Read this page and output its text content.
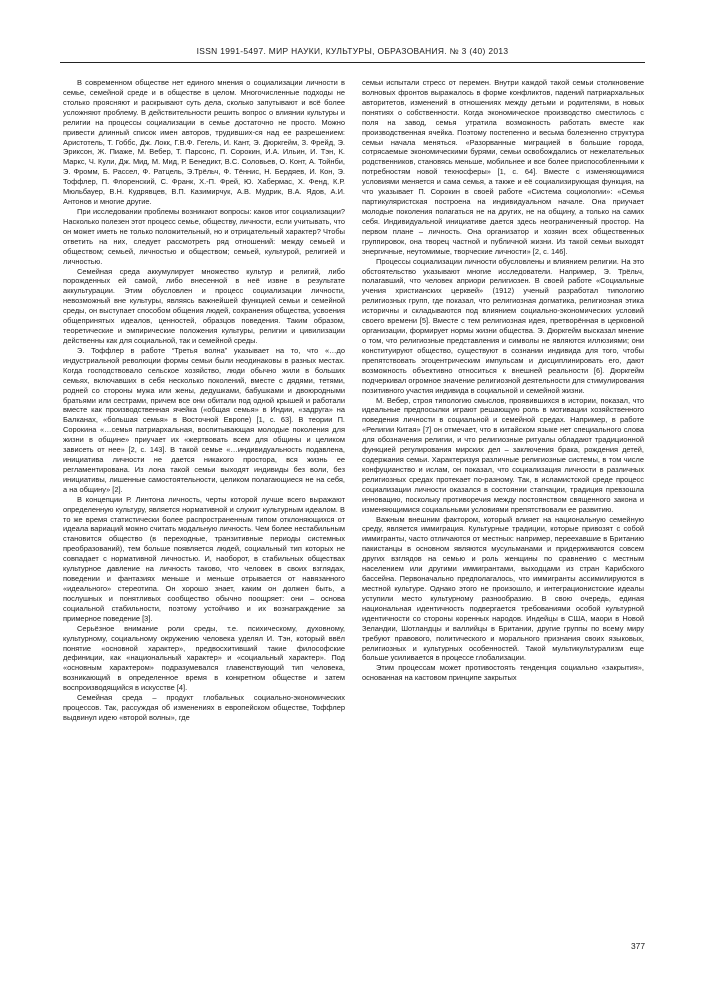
ISSN 1991-5497. МИР НАУКИ, КУЛЬТУРЫ, ОБРАЗОВАНИЯ. № 3 (40) 2013

В современном обществе нет единого мнения о социализации личности в семье, семейной среде и в обществе в целом. Многочисленные подходы не столько проясняют и раскрывают суть дела, сколько запутывают и всё более усложняют проблему. В действительности решить вопрос о влиянии культуры и религии на процессы социализации в семье достаточно не просто. Можно привести длинный список имен авторов, трудивших-ся над ее разрешением: Аристотель, Т. Гоббс, Дж. Локк, Г.В.Ф. Гегель, И. Кант, Э. Дюркгейм, З. Фрейд, Э. Эриксон, Ж. Пиаже, М. Вебер, Т. Парсонс, П. Сорокин, И.А. Ильин, И. Тэн, К. Маркс, Ч. Кули, Дж. Мид, М. Мид, Р. Бенедикт, В.С. Соловьев, О. Конт, А. Тойнби, Э. Фромм, Б. Рассел, Ф. Ратцель, Э.Трёльч, Ф. Тённис, Н. Бердяев, И. Кон, Э. Тоффлер, П. Флоренский, С. Франк, Х.-П. Фрей, Ю. Хабермас, Х. Фенд, К.Р. Мюльбауер, В.Н. Кудрявцев, В.П. Казимирчук, А.В. Мудрик, В.А. Ядов, А.И. Антонов и многие другие.

При исследовании проблемы возникают вопросы: каков итог социализации? Насколько полезен этот процесс семье, обществу, личности, если учитывать, что он может иметь не только положительный, но и отрицательный характер? Чтобы ответить на них, следует рассмотреть ряд отношений: между семьей и обществом; семьей, личностью и обществом; семьей, культурой, религией и личностью.

Семейная среда аккумулирует множество культур и религий, либо порожденных ей самой, либо внесенной в неё извне в результате аккультурации. Этим обусловлен и процесс социализации личности, невозможный вне культуры, являясь важнейшей функцией семьи и семейной среды, он выступает способом общения людей, сохранения общества, усвоения общепринятых идеалов, ценностей, образцов поведения. Таким образом, теоретические и эмпирические положения культуры, религии и цивилизации действенны как для социальной, так и семейной среды.

Э. Тоффлер в работе “Третья волна” указывает на то, что «…до индустриальной революции формы семьи были неодинаковы в разных местах. Когда господствовало сельское хозяйство, люди обычно жили в больших семьях, включавших в себя несколько поколений, вместе с дядями, тетями, родней со стороны мужа или жены, дедушками, бабушками и двоюродными братьями или сестрами, причем все они обитали под одной крышей и работали вместе как производственная ячейка («общая семья» в Индии, «задруга» на Балканах, «большая семья» в Восточной Европе) [1, с. 63]. В теории П. Сорокина «…семья патриархальная, воспитывающая молодые поколения для жизни в общине» приучает их «жертвовать всем для общины и целиком зависеть от нее» [2, с. 143]. В такой семье «…индивидуальность подавлена, инициатива личности не дается никакого простора, вся жизнь ее регламентирована. Из лона такой семьи выходят индивиды без воли, без инициативы, лишенные самостоятельности, целиком полагающиеся не на себя, а на общину» [2].

В концепции Р. Линтона личность, черты которой лучше всего выражают определенную культуру, является нормативной и служит культурным идеалом. В то же время статистически более распространенным типом отклоняющихся от идеала вариаций можно считать модальную личность. Чем более нестабильным становится общество (в переходные, транзитивные периоды системных преобразований), тем больше появляется людей, социальный тип которых не совпадает с нормативной личностью. И, наоборот, в стабильных обществах культурное давление на личность таково, что человек в своих взглядах, поведении и фантазиях меньше и меньше отрывается от навязанного «идеального» стереотипа. Он хорошо знает, каким он должен быть, а послушных и понятливых сообщество обычно поощряет: они – основа социальной стабильности, поэтому устойчиво и их вознаграждение за примерное поведение [3].

Серьёзное внимание роли среды, т.е. психическому, духовному, культурному, социальному окружению человека уделял И. Тэн, который ввёл понятие «основной характер», предвосхитивший такие философские дефиниции, как «национальный характер» и «социальный характер». Под «основным характером» подразумевался главенствующий тип человека, возникающий в определенное время в конкретном обществе и затем воспроизводящийся в искусстве [4].

Семейная среда – продукт глобальных социально-экономических процессов. Так, рассуждая об изменениях в европейском обществе, Тоффлер выдвинул идею «второй волны», где

семьи испытали стресс от перемен. Внутри каждой такой семьи столкновение волновых фронтов выражалось в форме конфликтов, падений патриархальных авторитетов, изменений в отношениях между детьми и родителями, в новых понятиях о собственности. Когда экономическое производство сместилось с поля на завод, семья утратила возможность работать вместе как производственная ячейка. Поэтому постепенно и весьма болезненно структура семьи начала меняться. «Разорванные миграцией в большие города, сотрясаемые экономическими бурями, семьи освобождались от нежелательных родственников, становясь меньше, мобильнее и все более приспособленными к потребностям новой техносферы» [1, с. 64]. Вместе с изменяющимися условиями меняется и сама семья, а также и её социализирующая функция, на что указывает П. Сорокин в своей работе «Система социологии»: «Семья партикуляристская построена на индивидуальном начале. Она приучает молодые поколения полагаться не на других, не на общину, а только на самих себя. Индивидуальной инициативе дается здесь неограниченный простор. На первом плане – личность. Она организатор и хозяин всех общественных группировок, она творец частной и публичной жизни. Из такой семьи выходят энергичные, неутомимые, творческие личности» [2, с. 146].

Процессы социализации личности обусловлены и влиянием религии. На это обстоятельство указывают многие исследователи. Например, Э. Трёльч, полагавший, что человек априори религиозен. В своей работе «Социальные учения христианских церквей» (1912) ученый разработал типологию религиозных групп, где показал, что религиозная догматика, религиозная этика историчны и складываются под влиянием социально-экономических условий своего времени [5]. Вместе с тем религиозная идея, претворённая в церковной организации, формирует нормы жизни общества. Э. Дюркгейм высказал мнение о том, что религиозные представления и символы не являются иллюзиями; они конституируют общество, существуют в сознании индивида для того, чтобы препятствовать эгоцентрическим импульсам и дисциплинировать его, дают возможность объективно относиться к внешней реальности [6]. Дюркгейм подчеркивал огромное значение религиозной деятельности для стимулирования позитивного участия индивида в социальной и семейной жизни.

М. Вебер, строя типологию смыслов, проявившихся в истории, показал, что идеальные предпосылки играют решающую роль в мотивации хозяйственного поведения личности в социальной и семейной средах. Например, в работе «Религии Китая» [7] он отмечает, что в китайском языке нет специального слова для обозначения религии, и что религиозные ритуалы обладают традиционной функцией регулирования мирских дел – заключения брака, рождения детей, содержания семьи. Характеризуя различные религиозные системы, в том числе конфуцианство и ислам, он показал, что социализация личности в различных религиозных средах протекает по-разному. Так, в исламистской среде процесс социализации личности оказался в состоянии стагнации, традиция превзошла инновацию, поскольку противоречия между постоянством священного закона и изменяющимися социальными условиями препятствовали ее развитию.

Важным внешним фактором, который влияет на национальную семейную среду, является иммиграция. Культурные традиции, которые привозят с собой иммигранты, часто отличаются от местных: например, переехавшие в Британию пакистанцы в основном являются мусульманами и придерживаются совсем других взглядов на семью и роль женщины по сравнению с местным населением или другими иммигрантами, выходцами из стран Карибского бассейна. Первоначально предполагалось, что иммигранты ассимилируются в местной культуре. Однако этого не произошло, и интеграционистские идеалы уступили место культурному разнообразию. В свою очередь, единая национальная идентичность подвергается требованиями особой культурной идентичности со стороны коренных народов. Индейцы в США, маори в Новой Зеландии, Шотландцы и валлийцы в Британии, другие группы по всему миру требуют правового, политического и морального признания своих языковых, религиозных и культурных особенностей. Такой мультикультурализм еще больше усиливается в процессе глобализации.

Этим процессам может противостоять тенденция социально «закрытия», основанная на кастовом принципе закрытых

377
